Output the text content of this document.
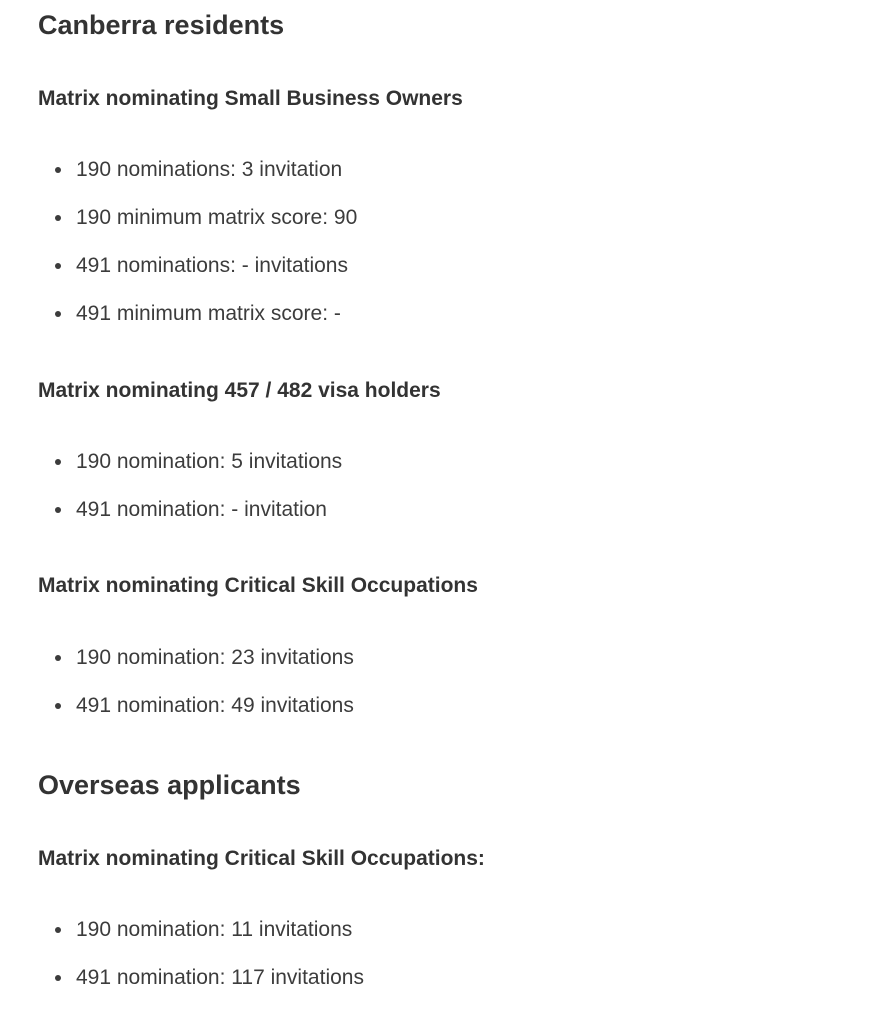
Canberra residents
Matrix nominating Small Business Owners
190 nominations: 3 invitation
190 minimum matrix score: 90
491 nominations: - invitations
491 minimum matrix score: -
Matrix nominating 457 / 482 visa holders
190 nomination: 5 invitations
491 nomination: - invitation
Matrix nominating Critical Skill Occupations
190 nomination: 23 invitations
491 nomination: 49 invitations
Overseas applicants
Matrix nominating Critical Skill Occupations:
190 nomination: 11 invitations
491 nomination: 117 invitations
